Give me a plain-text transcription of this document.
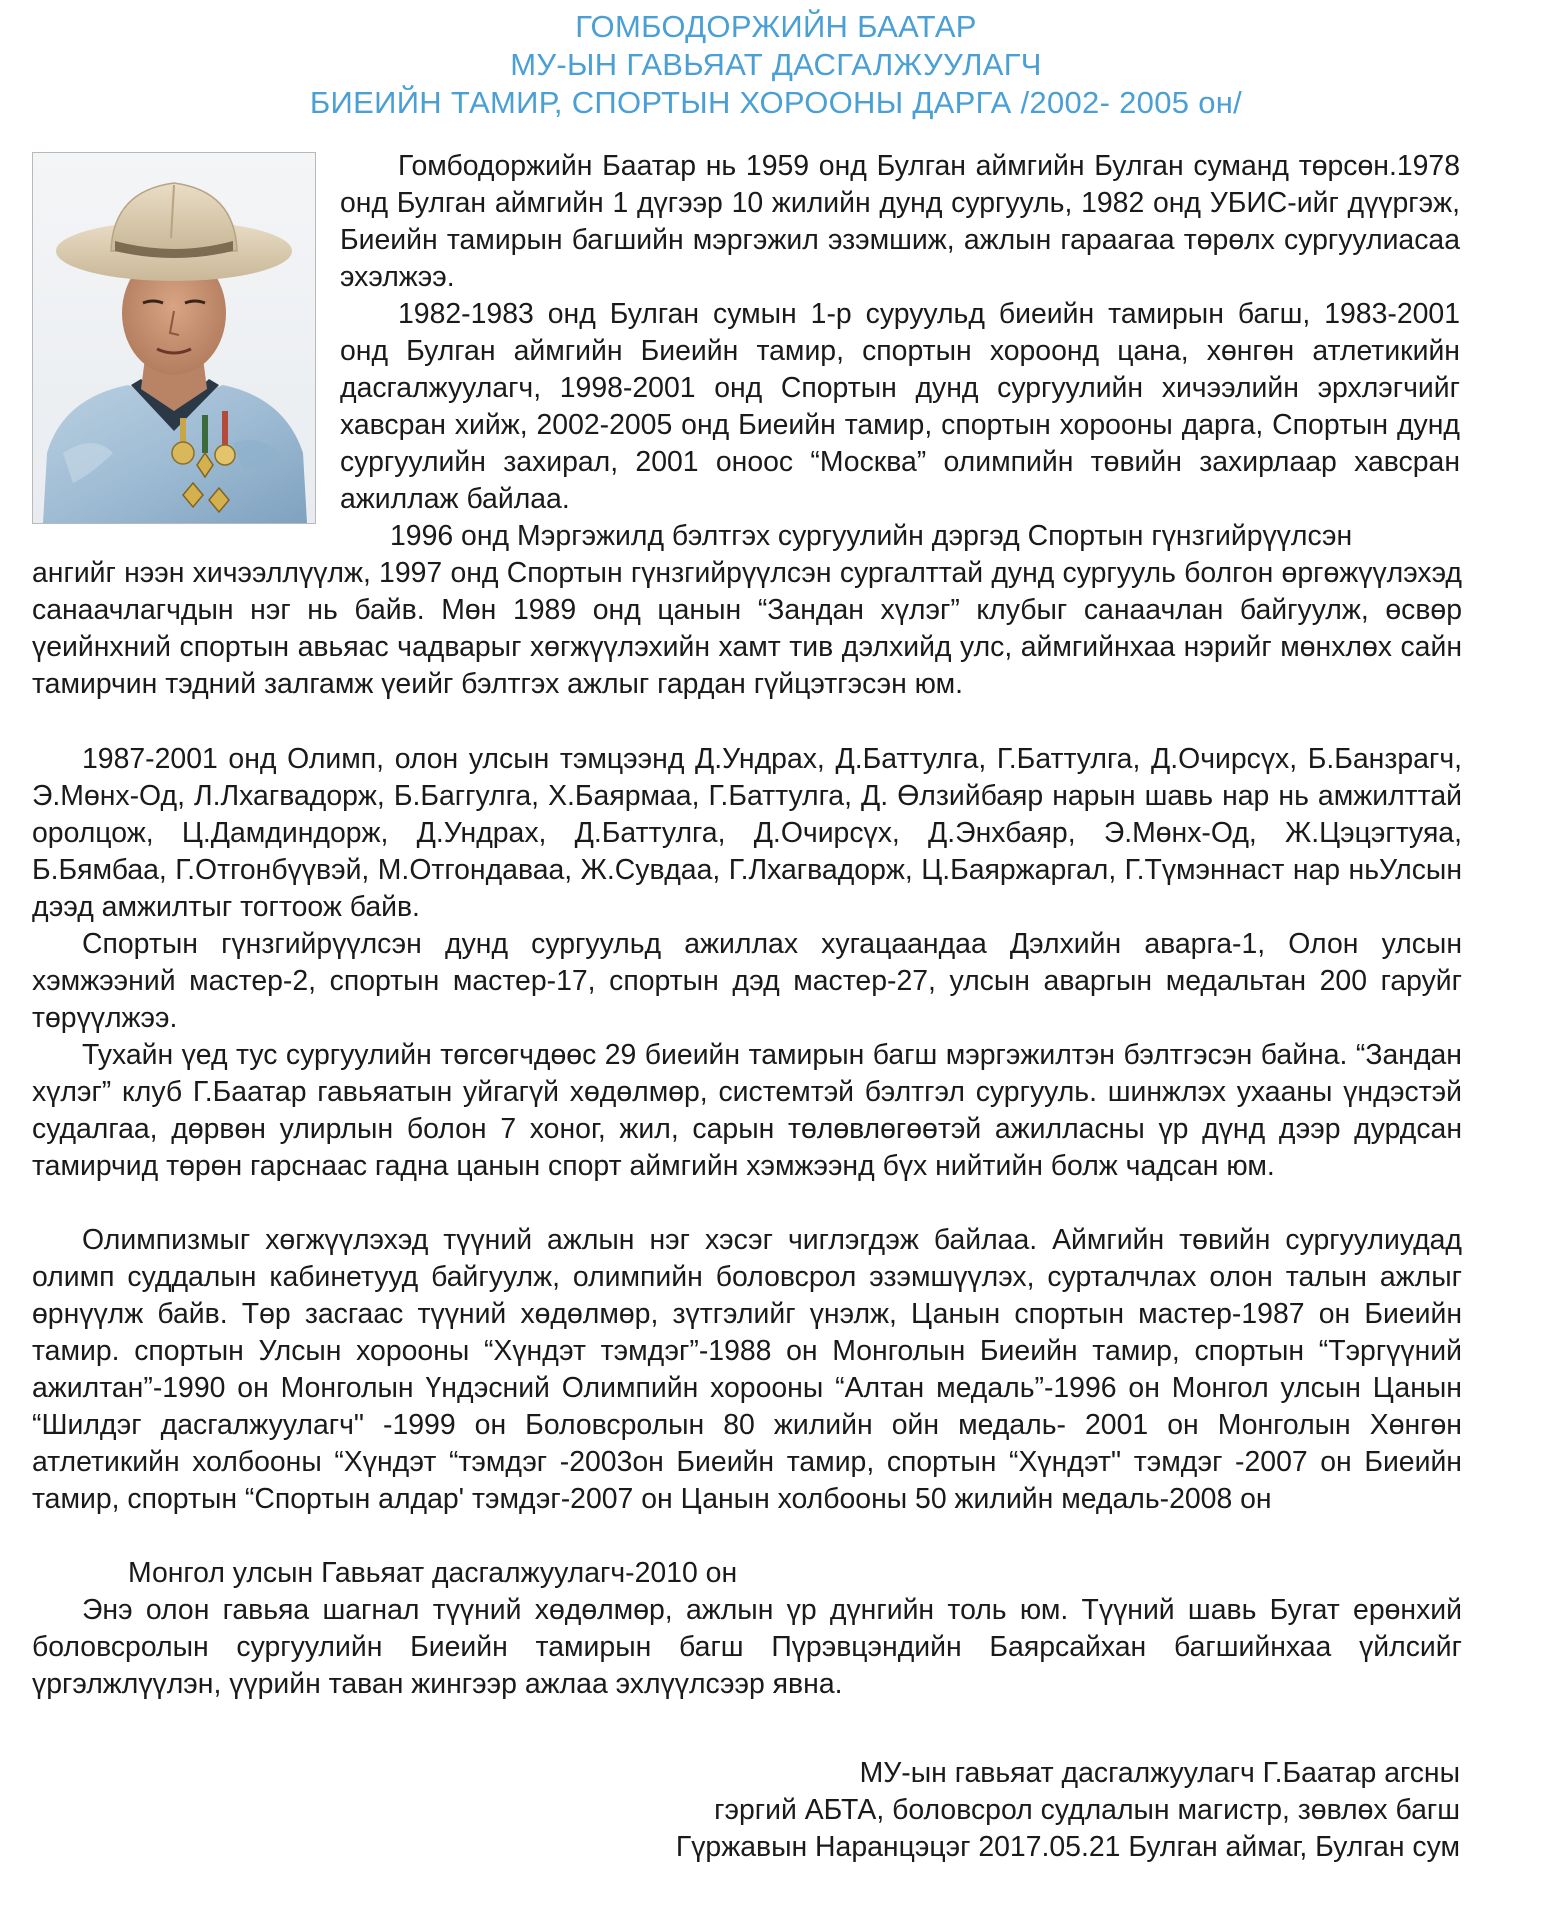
ГОМБОДОРЖИЙН БААТАР
МУ-ЫН ГАВЬЯАТ ДАСГАЛЖУУЛАГЧ
БИЕИЙН ТАМИР, СПОРТЫН ХОРООНЫ ДАРГА /2002- 2005 он/

Гомбодоржийн Баатар нь 1959 онд Булган аймгийн Булган суманд төрсөн.1978 онд Булган аймгийн 1 дүгээр 10 жилийн дунд сургууль, 1982 онд УБИС-ийг дүүргэж, Биеийн тамирын багшийн мэргэжил эзэмшиж, ажлын гараагаа төрөлх сургуулиасаа эхэлжээ.

1982-1983 онд Булган сумын 1-р суруульд биеийн тамирын багш, 1983-2001 онд Булган аймгийн Биеийн тамир, спортын хороонд цана, хөнгөн атлетикийн дасгалжуулагч, 1998-2001 онд Спортын дунд сургуулийн хичээлийн эрхлэгчийг хавсран хийж, 2002-2005 онд Биеийн тамир, спортын хорооны дарга, Спортын дунд сургуулийн захирал, 2001 оноос “Москва” олимпийн төвийн захирлаар хавсран ажиллаж байлаа.

1996 онд Мэргэжилд бэлтгэх сургуулийн дэргэд Спортын гүнзгийрүүлсэн
ангийг нээн хичээллүүлж, 1997 онд Спортын гүнзгийрүүлсэн сургалттай дунд сургууль болгон өргөжүүлэхэд санаачлагчдын нэг нь байв. Мөн 1989 онд цанын “Зандан хүлэг” клубыг санаачлан байгуулж, өсвөр үеийнхний спортын авьяас чадварыг хөгжүүлэхийн хамт тив дэлхийд улс, аймгийнхаа нэрийг мөнхлөх сайн тамирчин тэдний залгамж үеийг бэлтгэх ажлыг гардан гүйцэтгэсэн юм.

1987-2001 онд Олимп, олон улсын тэмцээнд Д.Ундрах, Д.Баттулга, Г.Баттулга, Д.Очирсүх, Б.Банзрагч, Э.Мөнх-Од, Л.Лхагвадорж, Б.Баггулга, Х.Баярмаа, Г.Баттулга, Д. Өлзийбаяр нарын шавь нар нь амжилттай оролцож, Ц.Дамдиндорж, Д.Ундрах, Д.Баттулга, Д.Очирсүх, Д.Энхбаяр, Э.Мөнх-Од, Ж.Цэцэгтуяа, Б.Бямбаа, Г.Отгонбүүвэй, М.Отгондаваа, Ж.Сувдаа, Г.Лхагвадорж, Ц.Баяржаргал, Г.Түмэннаст нар ньУлсын дээд амжилтыг тогтоож байв.

Спортын гүнзгийрүүлсэн дунд сургуульд ажиллах хугацаандаа Дэлхийн аварга-1, Олон улсын хэмжээний мастер-2, спортын мастер-17, спортын дэд мастер-27, улсын аваргын медальтан 200 гаруйг төрүүлжээ.

Тухайн үед тус сургуулийн төгсөгчдөөс 29 биеийн тамирын багш мэргэжилтэн бэлтгэсэн байна. “Зандан хүлэг” клуб Г.Баатар гавьяатын уйгагүй хөдөлмөр, системтэй бэлтгэл сургууль. шинжлэх ухааны үндэстэй судалгаа, дөрвөн улирлын болон 7 хоног, жил, сарын төлөвлөгөөтэй ажилласны үр дүнд дээр дурдсан тамирчид төрөн гарснаас гадна цанын спорт аймгийн хэмжээнд бүх нийтийн болж чадсан юм.

Олимпизмыг хөгжүүлэхэд түүний ажлын нэг хэсэг чиглэгдэж байлаа. Аймгийн төвийн сургуулиудад олимп суддалын кабинетууд байгуулж, олимпийн боловсрол эзэмшүүлэх, сурталчлах олон талын ажлыг өрнүүлж байв. Төр засгаас түүний хөдөлмөр, зүтгэлийг үнэлж, Цанын спортын мастер-1987 он Биеийн тамир. спортын Улсын хорооны “Хүндэт тэмдэг”-1988 он Монголын Биеийн тамир, спортын “Тэргүүний ажилтан”-1990 он Монголын Үндэсний Олимпийн хорооны “Алтан медаль”-1996 он Монгол улсын Цанын “Шилдэг дасгалжуулагч" -1999 он Боловсролын 80 жилийн ойн медаль- 2001 он Монголын Хөнгөн атлетикийн холбооны “Хүндэт “тэмдэг -2003он Биеийн тамир, спортын “Хүндэт" тэмдэг -2007 он Биеийн тамир, спортын “Спортын алдар' тэмдэг-2007 он Цанын холбооны 50 жилийн медаль-2008 он

Монгол улсын Гавьяат дасгалжуулагч-2010 он

Энэ олон гавьяа шагнал түүний хөдөлмөр, ажлын үр дүнгийн толь юм. Түүний шавь Бугат ерөнхий боловсролын сургуулийн Биеийн тамирын багш Пүрэвцэндийн Баярсайхан багшийнхаа үйлсийг үргэлжлүүлэн, үүрийн таван жингээр ажлаа эхлүүлсээр явна.

МУ-ын гавьяат дасгалжуулагч Г.Баатар агсны
гэргий АБТА, боловсрол судлалын магистр, зөвлөх багш
Гүржавын Наранцэцэг 2017.05.21 Булган аймаг, Булган сум
